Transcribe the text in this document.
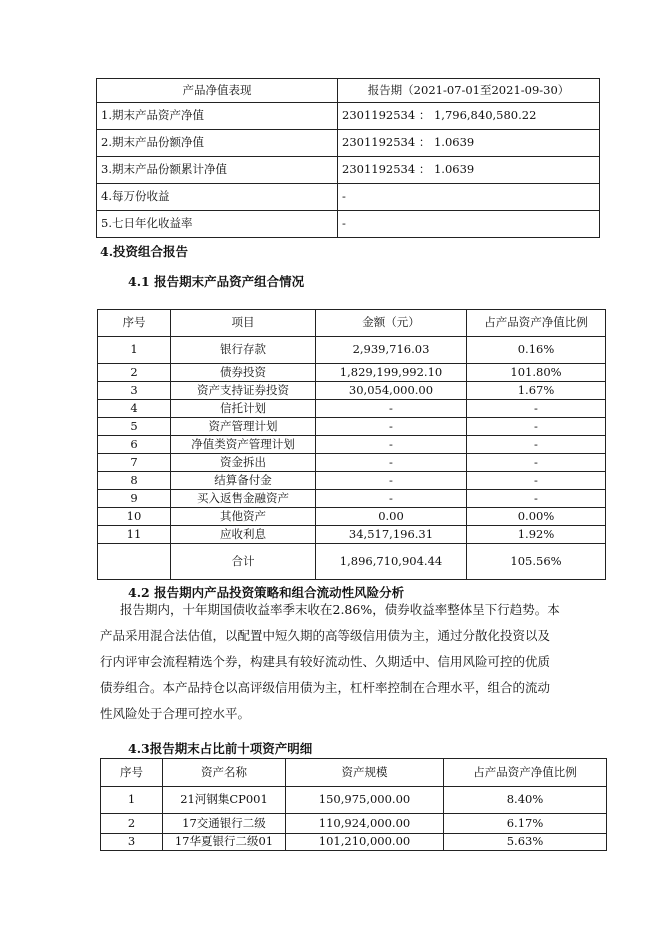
产品净值表现	报告期（2021-07-01至2021-09-30）
1.期末产品资产净值	2301192534 ： 1,796,840,580.22
2.期末产品份额净值	2301192534 ： 1.0639
3.期末产品份额累计净值	2301192534 ： 1.0639
4.每万份收益	-
5.七日年化收益率	-
4.投资组合报告
4.1 报告期末产品资产组合情况
序号	项目	金额（元）	占产品资产净值比例
1	银行存款	2,939,716.03	0.16%
2	债券投资	1,829,199,992.10	101.80%
3	资产支持证券投资	30,054,000.00	1.67%
4	信托计划	-	-
5	资产管理计划	-	-
6	净值类资产管理计划	-	-
7	资金拆出	-	-
8	结算备付金	-	-
9	买入返售金融资产	-	-
10	其他资产	0.00	0.00%
11	应收利息	34,517,196.31	1.92%
	合计	1,896,710,904.44	105.56%
4.2 报告期内产品投资策略和组合流动性风险分析
报告期内，十年期国债收益率季末收在2.86%，债券收益率整体呈下行趋势。本产品采用混合法估值，以配置中短久期的高等级信用债为主，通过分散化投资以及行内评审会流程精选个券，构建具有较好流动性、久期适中、信用风险可控的优质债券组合。本产品持仓以高评级信用债为主，杠杆率控制在合理水平，组合的流动性风险处于合理可控水平。
4.3报告期末占比前十项资产明细
序号	资产名称	资产规模	占产品资产净值比例
1	21河钢集CP001	150,975,000.00	8.40%
2	17交通银行二级	110,924,000.00	6.17%
3	17华夏银行二级01	101,210,000.00	5.63%
